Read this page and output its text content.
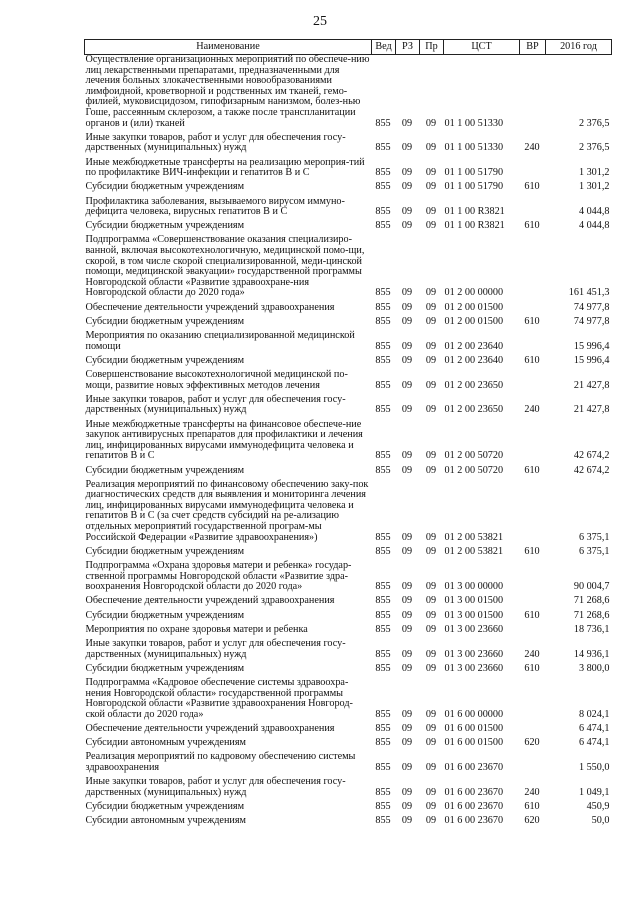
25
Наименование	Вед	РЗ	Пр	ЦСТ	ВР	2016 год
Осуществление организационных мероприятий по обеспече-нию лиц лекарственными препаратами, предназначенными для лечения больных злокачественными новообразованиями лимфоидной, кроветворной и родственных им тканей, гемо-филией, муковисцидозом, гипофизарным нанизмом, болез-нью Гоше, рассеянным склерозом, а также после транспланитации органов и (или) тканей	855	09	09	01 1 00 51330		2 376,5
Иные закупки товаров, работ и услуг для обеспечения госу-дарственных (муниципальных) нужд	855	09	09	01 1 00 51330	240	2 376,5
Иные межбюджетные трансферты на реализацию мероприя-тий по профилактике ВИЧ-инфекции и гепатитов В и С	855	09	09	01 1 00 51790		1 301,2
Субсидии бюджетным учреждениям	855	09	09	01 1 00 51790	610	1 301,2
Профилактика заболевания, вызываемого вирусом иммуно-дефицита человека, вирусных гепатитов В и С	855	09	09	01 1 00 R3821		4 044,8
Субсидии бюджетным учреждениям	855	09	09	01 1 00 R3821	610	4 044,8
Подпрограмма «Совершенствование оказания специализиро-ванной, включая высокотехнологичную, медицинской помо-щи, скорой, в том числе скорой специализированной, меди-цинской помощи, медицинской эвакуации» государственной программы Новгородской области «Развитие здравоохране-ния Новгородской области до 2020 года»	855	09	09	01 2 00 00000		161 451,3
Обеспечение деятельности учреждений здравоохранения	855	09	09	01 2 00 01500		74 977,8
Субсидии бюджетным учреждениям	855	09	09	01 2 00 01500	610	74 977,8
Мероприятия по оказанию специализированной медицинской помощи	855	09	09	01 2 00 23640		15 996,4
Субсидии бюджетным учреждениям	855	09	09	01 2 00 23640	610	15 996,4
Совершенствование высокотехнологичной медицинской по-мощи, развитие новых эффективных методов лечения	855	09	09	01 2 00 23650		21 427,8
Иные закупки товаров, работ и услуг для обеспечения госу-дарственных (муниципальных) нужд	855	09	09	01 2 00 23650	240	21 427,8
Иные межбюджетные трансферты на финансовое обеспече-ние закупок антивирусных препаратов для профилактики и лечения лиц, инфицированных вирусами иммунодефицита человека и гепатитов В и С	855	09	09	01 2 00 50720		42 674,2
Субсидии бюджетным учреждениям	855	09	09	01 2 00 50720	610	42 674,2
Реализация мероприятий по финансовому обеспечению заку-пок диагностических средств для выявления и мониторинга лечения лиц, инфицированных вирусами иммунодефицита человека и гепатитов В и С (за счет средств субсидий на ре-ализацию отдельных мероприятий государственной програм-мы Российской Федерации «Развитие здравоохранения»)	855	09	09	01 2 00 53821		6 375,1
Субсидии бюджетным учреждениям	855	09	09	01 2 00 53821	610	6 375,1
Подпрограмма «Охрана здоровья матери и ребенка» государ-ственной программы Новгородской области «Развитие здра-воохранения Новгородской области до 2020 года»	855	09	09	01 3 00 00000		90 004,7
Обеспечение деятельности учреждений здравоохранения	855	09	09	01 3 00 01500		71 268,6
Субсидии бюджетным учреждениям	855	09	09	01 3 00 01500	610	71 268,6
Мероприятия по охране здоровья матери и ребенка	855	09	09	01 3 00 23660		18 736,1
Иные закупки товаров, работ и услуг для обеспечения госу-дарственных (муниципальных) нужд	855	09	09	01 3 00 23660	240	14 936,1
Субсидии бюджетным учреждениям	855	09	09	01 3 00 23660	610	3 800,0
Подпрограмма «Кадровое обеспечение системы здравоохра-нения Новгородской области» государственной программы Новгородской области «Развитие здравоохранения Новгород-ской области до 2020 года»	855	09	09	01 6 00 00000		8 024,1
Обеспечение деятельности учреждений здравоохранения	855	09	09	01 6 00 01500		6 474,1
Субсидии автономным учреждениям	855	09	09	01 6 00 01500	620	6 474,1
Реализация мероприятий по кадровому обеспечению системы здравоохранения	855	09	09	01 6 00 23670		1 550,0
Иные закупки товаров, работ и услуг для обеспечения госу-дарственных (муниципальных) нужд	855	09	09	01 6 00 23670	240	1 049,1
Субсидии бюджетным учреждениям	855	09	09	01 6 00 23670	610	450,9
Субсидии автономным учреждениям	855	09	09	01 6 00 23670	620	50,0
